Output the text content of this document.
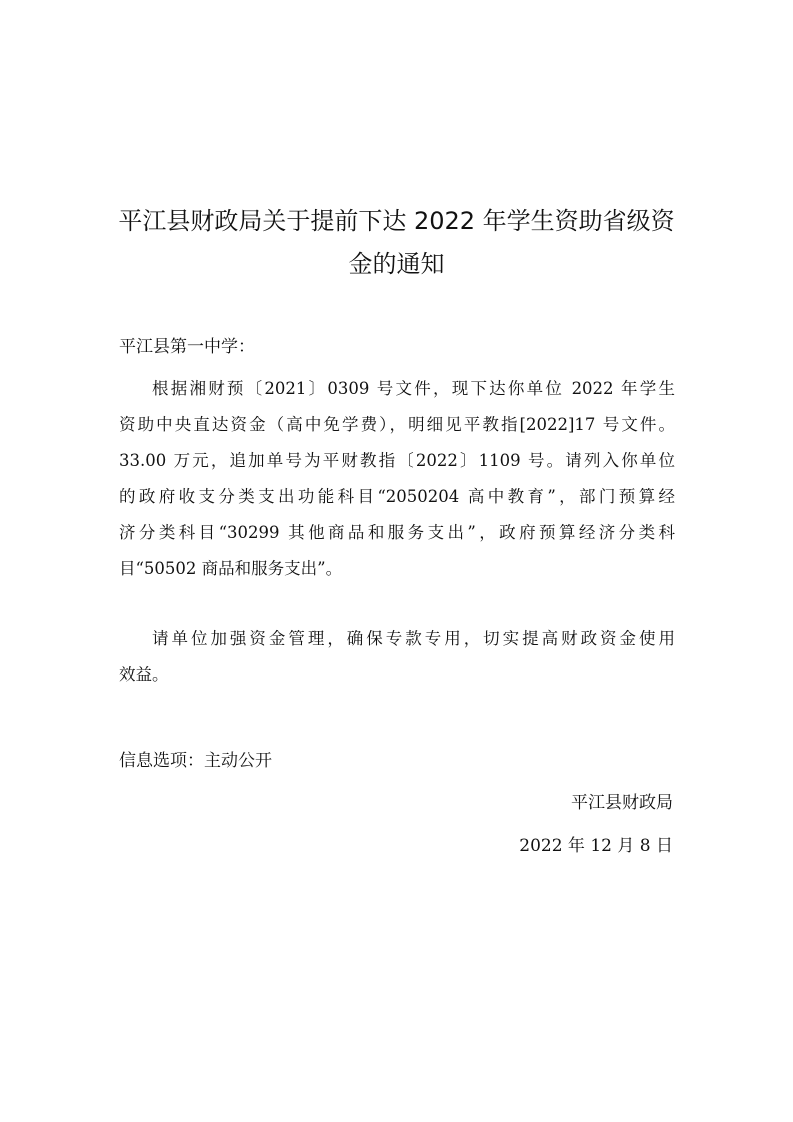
平江县财政局关于提前下达 2022 年学生资助省级资
金的通知
平江县第一中学：
根据湘财预〔2021〕0309 号文件，现下达你单位 2022 年学生
资助中央直达资金（高中免学费），明细见平教指[2022]17 号文件。
33.00 万元，追加单号为平财教指〔2022〕1109 号。请列入你单位
的政府收支分类支出功能科目“2050204 高中教育”，部门预算经
济分类科目“30299 其他商品和服务支出”，政府预算经济分类科
目“50502 商品和服务支出”。
请单位加强资金管理，确保专款专用，切实提高财政资金使用
效益。
信息选项：主动公开
平江县财政局
2022 年 12 月 8 日
